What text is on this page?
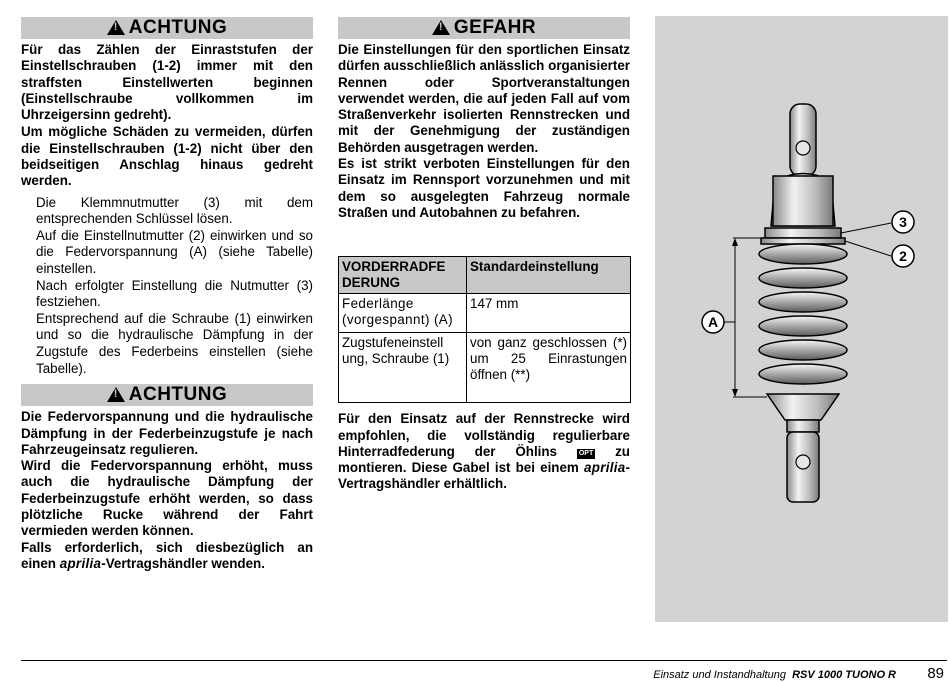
!
ACHTUNG

Für das Zählen der Einraststufen der Einstellschrauben (1-2) immer mit den straffsten Einstellwerten beginnen (Einstellschraube vollkommen im Uhrzeigersinn gedreht).

Um mögliche Schäden zu vermeiden, dürfen die Einstellschrauben (1-2) nicht über den beidseitigen Anschlag hinaus gedreht werden.

Die Klemmnutmutter (3) mit dem entsprechenden Schlüssel lösen.

Auf die Einstellnutmutter (2) einwirken und so die Federvorspannung (A) (siehe Tabelle) einstellen.

Nach erfolgter Einstellung die Nutmutter (3) festziehen.

Entsprechend auf die Schraube (1) einwirken und so die hydraulische Dämpfung in der Zugstufe des Federbeins einstellen (siehe Tabelle).

!
ACHTUNG

Die Federvorspannung und die hydraulische Dämpfung in der Federbeinzugstufe je nach Fahrzeugeinsatz regulieren.

Wird die Federvorspannung erhöht, muss auch die hydraulische Dämpfung der Federbeinzugstufe erhöht werden, so dass plötzliche Rucke während der Fahrt vermieden werden können.

Falls erforderlich, sich diesbezüglich an einen aprilia-Vertragshändler wenden.

!
GEFAHR

Die Einstellungen für den sportlichen Einsatz dürfen ausschließlich anlässlich organisierter Rennen oder Sportveranstaltungen verwendet werden, die auf jeden Fall auf vom Straßenverkehr isolierten Rennstrecken und mit der Genehmigung der zuständigen Behörden ausgetragen werden.

Es ist strikt verboten Einstellungen für den Einsatz im Rennsport vorzunehmen und mit dem so ausgelegten Fahrzeug normale Straßen und Autobahnen zu befahren.

VORDERRADFE DERUNG	Standardeinstellung
Federlänge (vorgespannt) (A)	147 mm
Zugstufeneinstell ung, Schraube (1)	von ganz geschlossen (*) um 25 Einrastungen öffnen (**)

Für den Einsatz auf der Rennstrecke wird empfohlen, die vollständig regulierbare Hinterradfederung der Öhlins OPT zu montieren. Diese Gabel ist bei einem aprilia-Vertragshändler erhältlich.

3
2
A
Einsatz und Instandhaltung RSV 1000 TUONO R 89
